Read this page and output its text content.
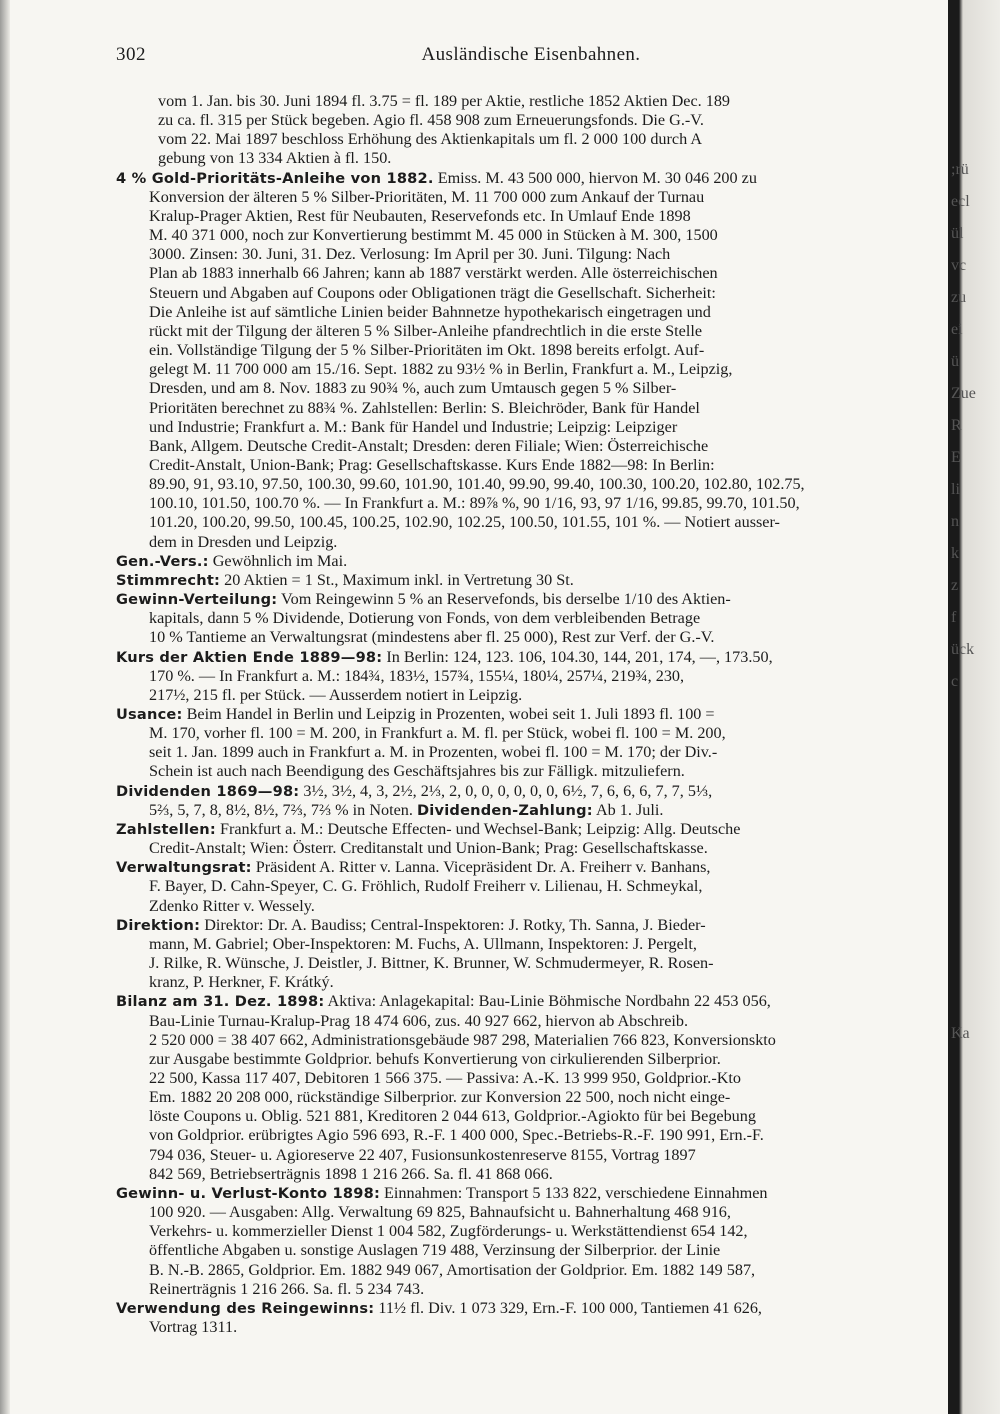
;rü
ecl
ül
vc
zu
ei
ü
Zue
R
E
li
n
k
z
f
ück
c
Ka
302	Ausländische Eisenbahnen.
vom 1. Jan. bis 30. Juni 1894 fl. 3.75 = fl. 189 per Aktie, restliche 1852 Aktien Dec. 189
zu ca. fl. 315 per Stück begeben. Agio fl. 458 908 zum Erneuerungsfonds. Die G.-V.
vom 22. Mai 1897 beschloss Erhöhung des Aktienkapitals um fl. 2 000 100 durch A
gebung von 13 334 Aktien à fl. 150.
4 % Gold-Prioritäts-Anleihe von 1882. Emiss. M. 43 500 000, hiervon M. 30 046 200 zu
Konversion der älteren 5 % Silber-Prioritäten, M. 11 700 000 zum Ankauf der Turnau
Kralup-Prager Aktien, Rest für Neubauten, Reservefonds etc. In Umlauf Ende 1898
M. 40 371 000, noch zur Konvertierung bestimmt M. 45 000 in Stücken à M. 300, 1500
3000. Zinsen: 30. Juni, 31. Dez. Verlosung: Im April per 30. Juni. Tilgung: Nach
Plan ab 1883 innerhalb 66 Jahren; kann ab 1887 verstärkt werden. Alle österreichischen
Steuern und Abgaben auf Coupons oder Obligationen trägt die Gesellschaft. Sicherheit:
Die Anleihe ist auf sämtliche Linien beider Bahnnetze hypothekarisch eingetragen und
rückt mit der Tilgung der älteren 5 % Silber-Anleihe pfandrechtlich in die erste Stelle
ein. Vollständige Tilgung der 5 % Silber-Prioritäten im Okt. 1898 bereits erfolgt. Auf-
gelegt M. 11 700 000 am 15./16. Sept. 1882 zu 93½ % in Berlin, Frankfurt a. M., Leipzig,
Dresden, und am 8. Nov. 1883 zu 90¾ %, auch zum Umtausch gegen 5 % Silber-
Prioritäten berechnet zu 88¾ %. Zahlstellen: Berlin: S. Bleichröder, Bank für Handel
und Industrie; Frankfurt a. M.: Bank für Handel und Industrie; Leipzig: Leipziger
Bank, Allgem. Deutsche Credit-Anstalt; Dresden: deren Filiale; Wien: Österreichische
Credit-Anstalt, Union-Bank; Prag: Gesellschaftskasse. Kurs Ende 1882—98: In Berlin:
89.90, 91, 93.10, 97.50, 100.30, 99.60, 101.90, 101.40, 99.90, 99.40, 100.30, 100.20, 102.80, 102.75,
100.10, 101.50, 100.70 %. — In Frankfurt a. M.: 89⅞ %, 90 1/16, 93, 97 1/16, 99.85, 99.70, 101.50,
101.20, 100.20, 99.50, 100.45, 100.25, 102.90, 102.25, 100.50, 101.55, 101 %. — Notiert ausser-
dem in Dresden und Leipzig.
Gen.-Vers.: Gewöhnlich im Mai.
Stimmrecht: 20 Aktien = 1 St., Maximum inkl. in Vertretung 30 St.
Gewinn-Verteilung: Vom Reingewinn 5 % an Reservefonds, bis derselbe 1/10 des Aktien-
kapitals, dann 5 % Dividende, Dotierung von Fonds, von dem verbleibenden Betrage
10 % Tantieme an Verwaltungsrat (mindestens aber fl. 25 000), Rest zur Verf. der G.-V.
Kurs der Aktien Ende 1889—98: In Berlin: 124, 123. 106, 104.30, 144, 201, 174, —, 173.50,
170 %. — In Frankfurt a. M.: 184¾, 183½, 157¾, 155¼, 180¼, 257¼, 219¾, 230,
217½, 215 fl. per Stück. — Ausserdem notiert in Leipzig.
Usance: Beim Handel in Berlin und Leipzig in Prozenten, wobei seit 1. Juli 1893 fl. 100 =
M. 170, vorher fl. 100 = M. 200, in Frankfurt a. M. fl. per Stück, wobei fl. 100 = M. 200,
seit 1. Jan. 1899 auch in Frankfurt a. M. in Prozenten, wobei fl. 100 = M. 170; der Div.-
Schein ist auch nach Beendigung des Geschäftsjahres bis zur Fälligk. mitzuliefern.
Dividenden 1869—98: 3½, 3½, 4, 3, 2½, 2⅓, 2, 0, 0, 0, 0, 0, 0, 6½, 7, 6, 6, 6, 7, 7, 5⅓,
5⅔, 5, 7, 8, 8½, 8½, 7⅔, 7⅔ % in Noten. Dividenden-Zahlung: Ab 1. Juli.
Zahlstellen: Frankfurt a. M.: Deutsche Effecten- und Wechsel-Bank; Leipzig: Allg. Deutsche
Credit-Anstalt; Wien: Österr. Creditanstalt und Union-Bank; Prag: Gesellschaftskasse.
Verwaltungsrat: Präsident A. Ritter v. Lanna. Vicepräsident Dr. A. Freiherr v. Banhans,
F. Bayer, D. Cahn-Speyer, C. G. Fröhlich, Rudolf Freiherr v. Lilienau, H. Schmeykal,
Zdenko Ritter v. Wessely.
Direktion: Direktor: Dr. A. Baudiss; Central-Inspektoren: J. Rotky, Th. Sanna, J. Bieder-
mann, M. Gabriel; Ober-Inspektoren: M. Fuchs, A. Ullmann, Inspektoren: J. Pergelt,
J. Rilke, R. Wünsche, J. Deistler, J. Bittner, K. Brunner, W. Schmudermeyer, R. Rosen-
kranz, P. Herkner, F. Krátký.
Bilanz am 31. Dez. 1898: Aktiva: Anlagekapital: Bau-Linie Böhmische Nordbahn 22 453 056,
Bau-Linie Turnau-Kralup-Prag 18 474 606, zus. 40 927 662, hiervon ab Abschreib.
2 520 000 = 38 407 662, Administrationsgebäude 987 298, Materialien 766 823, Konversionskto
zur Ausgabe bestimmte Goldprior. behufs Konvertierung von cirkulierenden Silberprior.
22 500, Kassa 117 407, Debitoren 1 566 375. — Passiva: A.-K. 13 999 950, Goldprior.-Kto
Em. 1882 20 208 000, rückständige Silberprior. zur Konversion 22 500, noch nicht einge-
löste Coupons u. Oblig. 521 881, Kreditoren 2 044 613, Goldprior.-Agiokto für bei Begebung
von Goldprior. erübrigtes Agio 596 693, R.-F. 1 400 000, Spec.-Betriebs-R.-F. 190 991, Ern.-F.
794 036, Steuer- u. Agioreserve 22 407, Fusionsunkostenreserve 8155, Vortrag 1897
842 569, Betriebserträgnis 1898 1 216 266. Sa. fl. 41 868 066.
Gewinn- u. Verlust-Konto 1898: Einnahmen: Transport 5 133 822, verschiedene Einnahmen
100 920. — Ausgaben: Allg. Verwaltung 69 825, Bahnaufsicht u. Bahnerhaltung 468 916,
Verkehrs- u. kommerzieller Dienst 1 004 582, Zugförderungs- u. Werkstättendienst 654 142,
öffentliche Abgaben u. sonstige Auslagen 719 488, Verzinsung der Silberprior. der Linie
B. N.-B. 2865, Goldprior. Em. 1882 949 067, Amortisation der Goldprior. Em. 1882 149 587,
Reinerträgnis 1 216 266. Sa. fl. 5 234 743.
Verwendung des Reingewinns: 11½ fl. Div. 1 073 329, Ern.-F. 100 000, Tantiemen 41 626,
Vortrag 1311.
